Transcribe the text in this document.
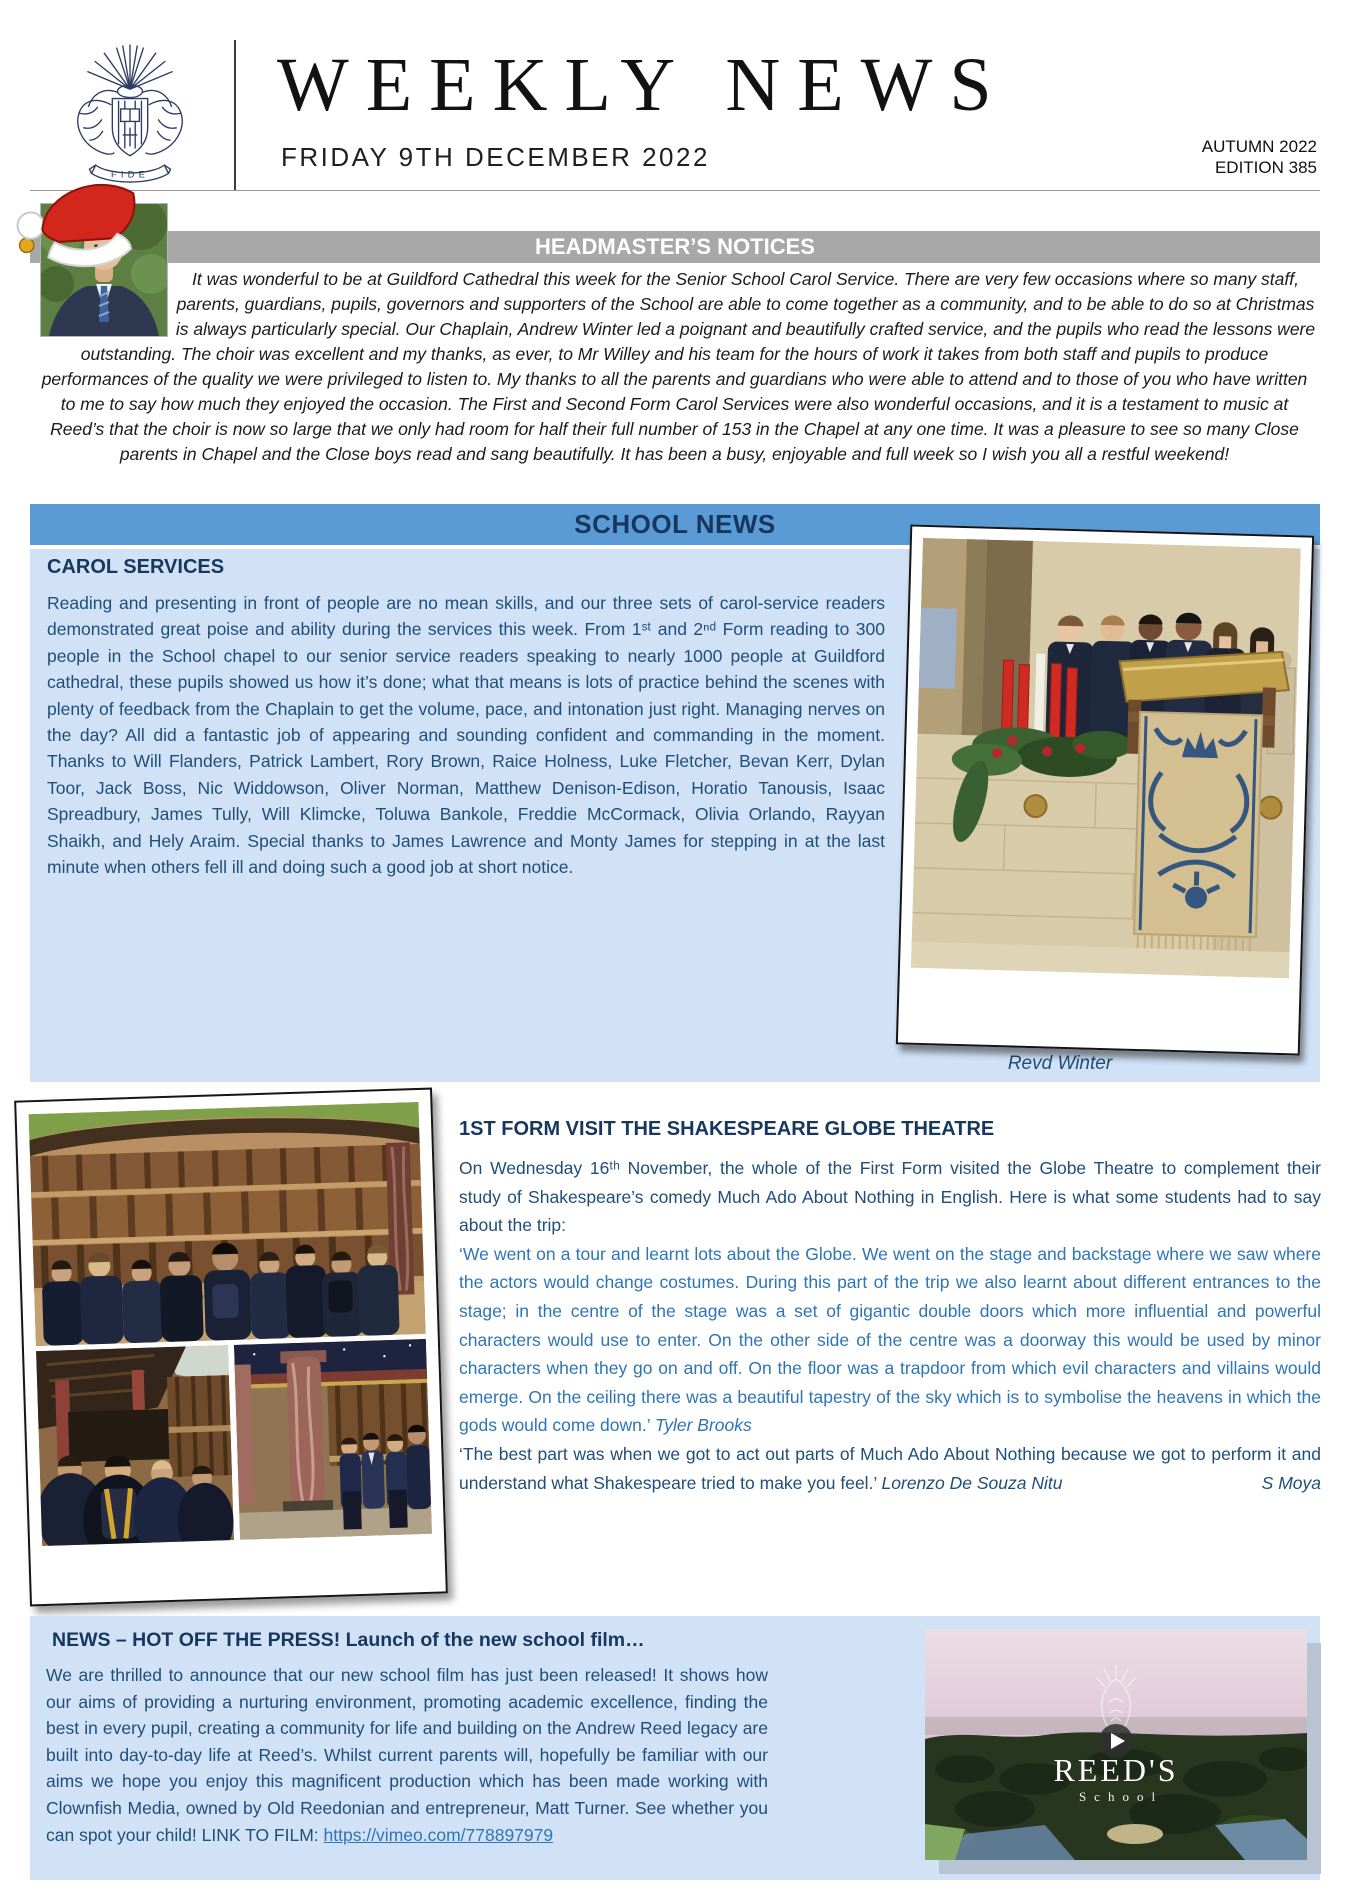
FIDE
WEEKLY NEWS
FRIDAY 9TH DECEMBER 2022	AUTUMN 2022
EDITION 385
HEADMASTER’S NOTICES
It was wonderful to be at Guildford Cathedral this week for the Senior School Carol Service. There are very few occasions where so many staff, parents, guardians, pupils, governors and supporters of the School are able to come together as a community, and to be able to do so at Christmas is always particularly special. Our Chaplain, Andrew Winter led a poignant and beautifully crafted service, and the pupils who read the lessons were outstanding. The choir was excellent and my thanks, as ever, to Mr Willey and his team for the hours of work it takes from both staff and pupils to produce performances of the quality we were privileged to listen to. My thanks to all the parents and guardians who were able to attend and to those of you who have written to me to say how much they enjoyed the occasion. The First and Second Form Carol Services were also wonderful occasions, and it is a testament to music at Reed’s that the choir is now so large that we only had room for half their full number of 153 in the Chapel at any one time. It was a pleasure to see so many Close parents in Chapel and the Close boys read and sang beautifully. It has been a busy, enjoyable and full week so I wish you all a restful weekend!
SCHOOL NEWS
CAROL SERVICES

Reading and presenting in front of people are no mean skills, and our three sets of carol-service readers demonstrated great poise and ability during the services this week. From 1ˢᵗ and 2ⁿᵈ Form reading to 300 people in the School chapel to our senior service readers speaking to nearly 1000 people at Guildford cathedral, these pupils showed us how it’s done; what that means is lots of practice behind the scenes with plenty of feedback from the Chaplain to get the volume, pace, and intonation just right. Managing nerves on the day? All did a fantastic job of appearing and sounding confident and commanding in the moment. Thanks to Will Flanders, Patrick Lambert, Rory Brown, Raice Holness, Luke Fletcher, Bevan Kerr, Dylan Toor, Jack Boss, Nic Widdowson, Oliver Norman, Matthew Denison-Edison, Horatio Tanousis, Isaac Spreadbury, James Tully, Will Klimcke, Toluwa Bankole, Freddie McCormack, Olivia Orlando, Rayyan Shaikh, and Hely Araim. Special thanks to James Lawrence and Monty James for stepping in at the last minute when others fell ill and doing such a good job at short notice.

Revd Winter
1ST FORM VISIT THE SHAKESPEARE GLOBE THEATRE

On Wednesday 16ᵗʰ November, the whole of the First Form visited the Globe Theatre to complement their study of Shakespeare’s comedy Much Ado About Nothing in English. Here is what some students had to say about the trip:

‘We went on a tour and learnt lots about the Globe. We went on the stage and backstage where we saw where the actors would change costumes. During this part of the trip we also learnt about different entrances to the stage; in the centre of the stage was a set of gigantic double doors which more influential and powerful characters would use to enter. On the other side of the centre was a doorway this would be used by minor characters when they go on and off. On the floor was a trapdoor from which evil characters and villains would emerge. On the ceiling there was a beautiful tapestry of the sky which is to symbolise the heavens in which the gods would come down.’ Tyler Brooks

‘The best part was when we got to act out parts of Much Ado About Nothing because we got to perform it and understand what Shakespeare tried to make you feel.’ Lorenzo De Souza Nitu	S Moya

NEWS – HOT OFF THE PRESS! Launch of the new school film…

We are thrilled to announce that our new school film has just been released! It shows how our aims of providing a nurturing environment, promoting academic excellence, finding the best in every pupil, creating a community for life and building on the Andrew Reed legacy are built into day-to-day life at Reed’s. Whilst current parents will, hopefully be familiar with our aims we hope you enjoy this magnificent production which has been made working with Clownfish Media, owned by Old Reedonian and entrepreneur, Matt Turner. See whether you can spot your child! LINK TO FILM: https://vimeo.com/778897979

REED'S
School
